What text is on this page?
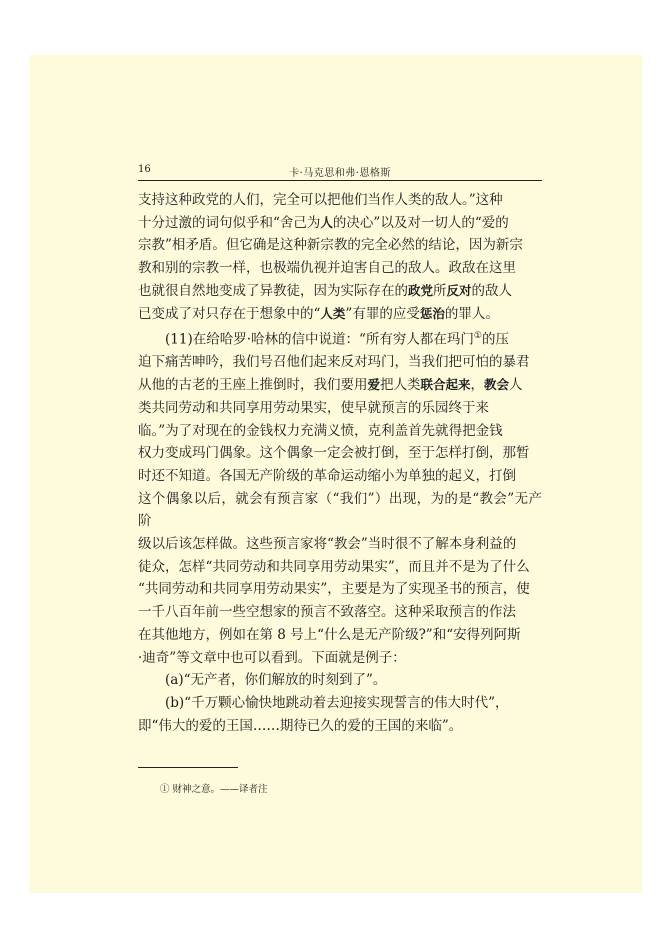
16	卡·马克思和弗·恩格斯

支持这种政党的人们，完全可以把他们当作人类的敌人。”这种
十分过激的词句似乎和“舍己为人的决心”以及对一切人的“爱的
宗教”相矛盾。但它确是这种新宗教的完全必然的结论，因为新宗
教和别的宗教一样，也极端仇视并迫害自己的敌人。政敌在这里
也就很自然地变成了异教徒，因为实际存在的政党所反对的敌人
已变成了对只存在于想象中的“人类”有罪的应受惩治的罪人。

(11)在给哈罗·哈林的信中说道：“所有穷人都在玛门①的压
迫下痛苦呻吟，我们号召他们起来反对玛门，当我们把可怕的暴君
从他的古老的王座上推倒时，我们要用爱把人类联合起来，教会人
类共同劳动和共同享用劳动果实，使早就预言的乐园终于来
临。”为了对现在的金钱权力充满义愤，克利盖首先就得把金钱
权力变成玛门偶象。这个偶象一定会被打倒，至于怎样打倒，那暂
时还不知道。各国无产阶级的革命运动缩小为单独的起义，打倒
这个偶象以后，就会有预言家（“我们”）出现，为的是“教会”无产阶
级以后该怎样做。这些预言家将“教会”当时很不了解本身利益的
徒众，怎样“共同劳动和共同享用劳动果实”，而且并不是为了什么
“共同劳动和共同享用劳动果实”，主要是为了实现圣书的预言，使
一千八百年前一些空想家的预言不致落空。这种采取预言的作法
在其他地方，例如在第 8 号上“什么是无产阶级?”和“安得列阿斯
·迪奇”等文章中也可以看到。下面就是例子：

(a)“无产者，你们解放的时刻到了”。

(b)“千万颗心愉快地跳动着去迎接实现誓言的伟大时代”，

即“伟大的爱的王国……期待已久的爱的王国的来临”。

① 财神之意。——译者注
